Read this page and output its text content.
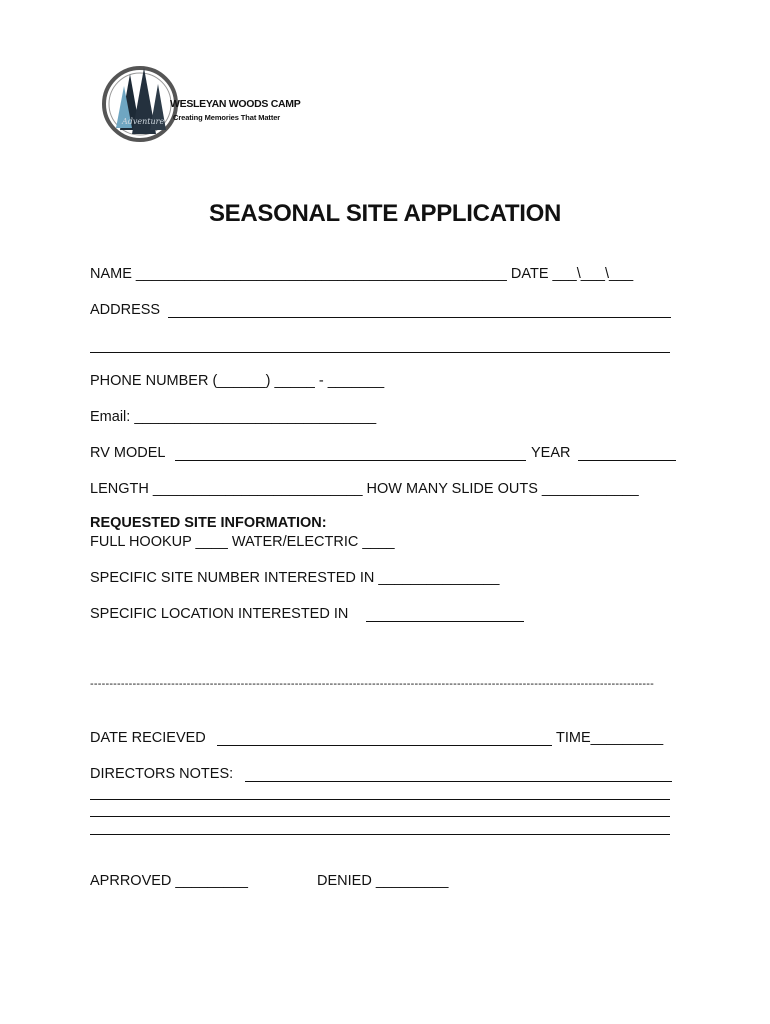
Adventure
WESLEYAN WOODS CAMP
Creating Memories That Matter
SEASONAL SITE APPLICATION
NAME ______________________________________________ DATE ___\___\___
ADDRESS
PHONE NUMBER (______) _____ - _______
Email: ______________________________
RV MODEL	YEAR
LENGTH __________________________ HOW MANY SLIDE OUTS ____________
REQUESTED SITE INFORMATION:
FULL HOOKUP ____ WATER/ELECTRIC ____
SPECIFIC SITE NUMBER INTERESTED IN _______________
SPECIFIC LOCATION INTERESTED IN
--------------------------------------------------------------------------------------------------------------------------------------------------
DATE RECIEVED	TIME_________
DIRECTORS NOTES:
APRROVED _________	DENIED _________
